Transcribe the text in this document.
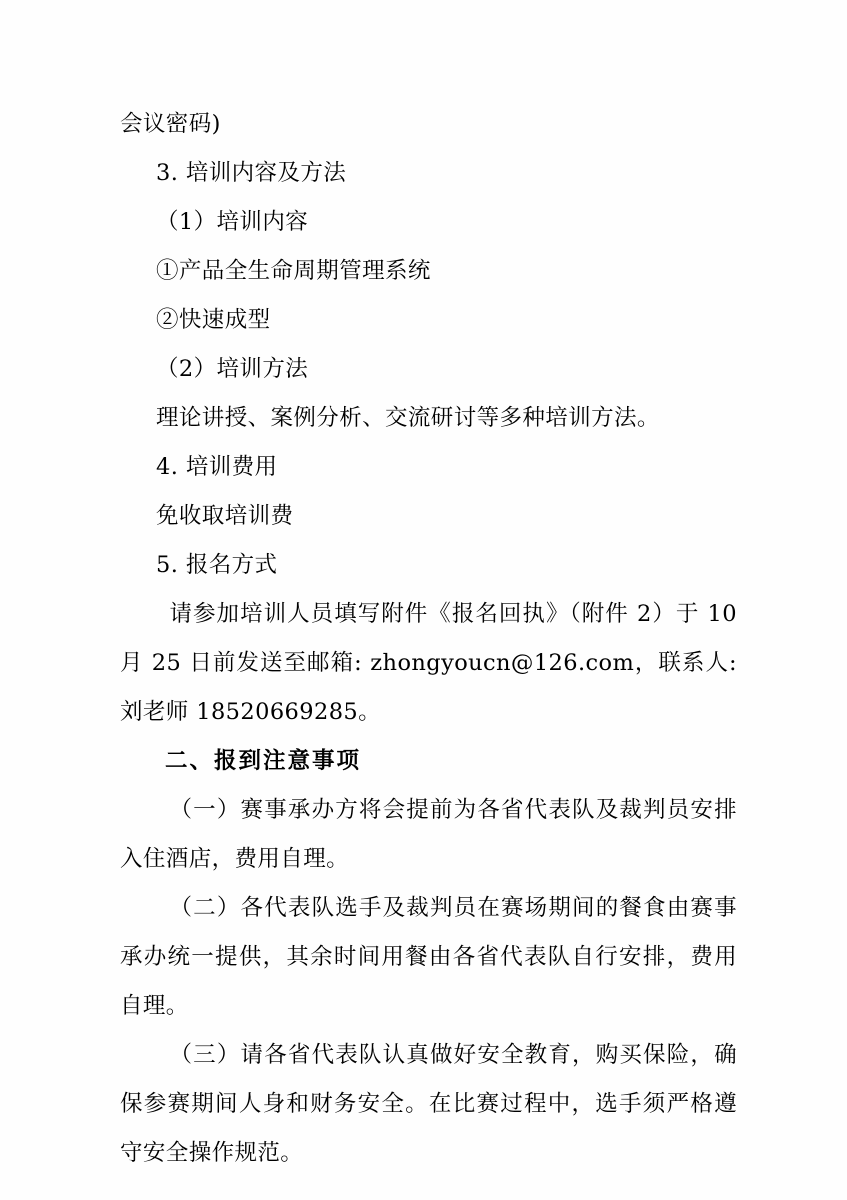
会议密码)

3. 培训内容及方法

（1）培训内容

①产品全生命周期管理系统

②快速成型

（2）培训方法

理论讲授、案例分析、交流研讨等多种培训方法。

4. 培训费用

免收取培训费

5. 报名方式

请参加培训人员填写附件《报名回执》（附件 2）于 10 月 25 日前发送至邮箱: zhongyoucn@126.com，联系人: 刘老师 18520669285。

二、报到注意事项

（一）赛事承办方将会提前为各省代表队及裁判员安排入住酒店，费用自理。

（二）各代表队选手及裁判员在赛场期间的餐食由赛事承办统一提供，其余时间用餐由各省代表队自行安排，费用自理。

（三）请各省代表队认真做好安全教育，购买保险，确保参赛期间人身和财务安全。在比赛过程中，选手须严格遵守安全操作规范。
